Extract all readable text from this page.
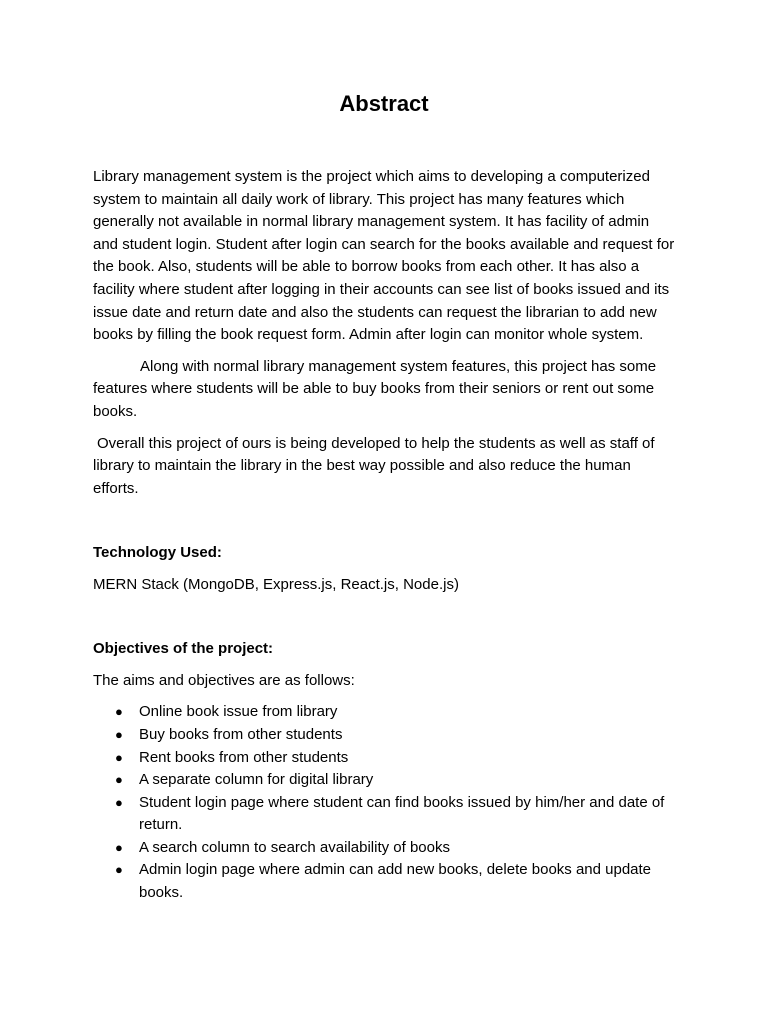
Abstract

Library management system is the project which aims to developing a computerized system to maintain all daily work of library. This project has many features which generally not available in normal library management system. It has facility of admin and student login. Student after login can search for the books available and request for the book. Also, students will be able to borrow books from each other. It has also a facility where student after logging in their accounts can see list of books issued and its issue date and return date and also the students can request the librarian to add new books by filling the book request form. Admin after login can monitor whole system.

Along with normal library management system features, this project has some features where students will be able to buy books from their seniors or rent out some books.

Overall this project of ours is being developed to help the students as well as staff of library to maintain the library in the best way possible and also reduce the human efforts.

Technology Used:

MERN Stack (MongoDB, Express.js, React.js, Node.js)

Objectives of the project:

The aims and objectives are as follows:

● Online book issue from library
● Buy books from other students
● Rent books from other students
● A separate column for digital library
● Student login page where student can find books issued by him/her and date of return.
● A search column to search availability of books
● Admin login page where admin can add new books, delete books and update books.
